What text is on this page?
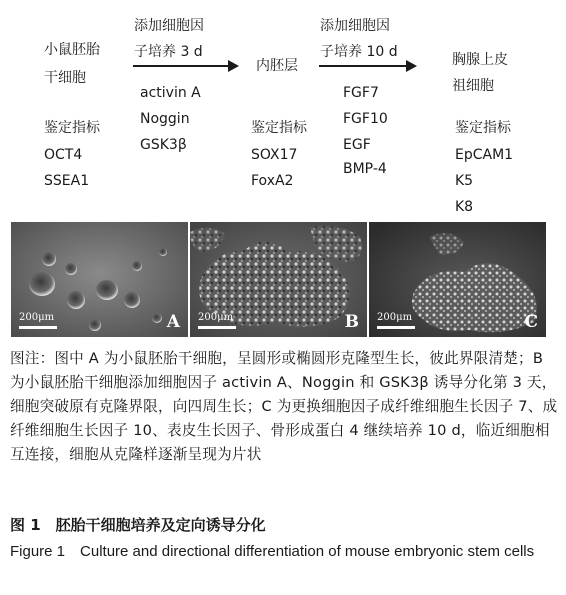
小鼠胚胎
干细胞
添加细胞因
子培养 3 d
内胚层
添加细胞因
子培养 10 d	胸腺上皮
祖细胞
activin A
Noggin
GSK3β
FGF7
FGF10
EGF
BMP-4
鉴定指标
OCT4
SSEA1
鉴定指标
SOX17
FoxA2
鉴定指标
EpCAM1
K5
K8
200μm	A 200μm	B 200μm	C
图注：图中 A 为小鼠胚胎干细胞，呈圆形或椭圆形克隆型生长，彼此界限清楚；B 为小鼠胚胎干细胞添加细胞因子 activin A、Noggin 和 GSK3β 诱导分化第 3 天，细胞突破原有克隆界限，向四周生长；C 为更换细胞因子成纤维细胞生长因子 7、成纤维细胞生长因子 10、表皮生长因子、骨形成蛋白 4 继续培养 10 d，临近细胞相互连接，细胞从克隆样逐渐呈现为片状
图 1　胚胎干细胞培养及定向诱导分化
Figure 1　Culture and directional differentiation of mouse embryonic stem cells
